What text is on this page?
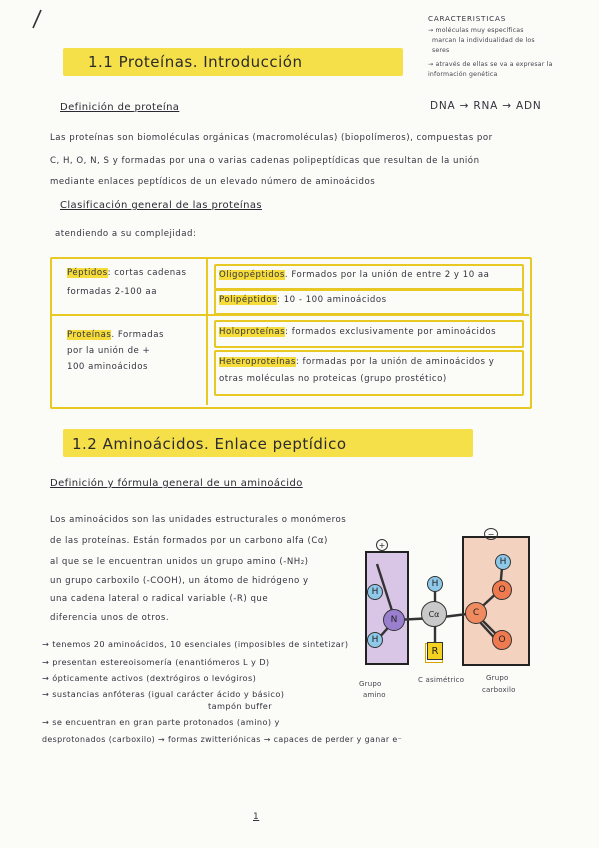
CARACTERISTICAS
→ moléculas muy específicas
marcan la individualidad de los
seres
→ através de ellas se va a expresar la información genética
DNA → RNA → ADN
1.1 Proteínas. Introducción
Definición de proteína
Las proteínas son biomoléculas orgánicas (macromoléculas) (biopolímeros), compuestas por
C, H, O, N, S y formadas por una o varias cadenas polipeptídicas que resultan de la unión
mediante enlaces peptídicos de un elevado número de aminoácidos
Clasificación general de las proteínas
atendiendo a su complejidad:
Péptidos: cortas cadenas
formadas 2-100 aa
Proteínas. Formadas
por la unión de +
100 aminoácidos
Oligopéptidos. Formados por la unión de entre 2 y 10 aa
Polipéptidos: 10 - 100 aminoácidos
Holoproteínas: formados exclusivamente por aminoácidos
Heteroproteínas: formadas por la unión de aminoácidos y
otras moléculas no proteicas (grupo prostético)
1.2 Aminoácidos. Enlace peptídico
Definición y fórmula general de un aminoácido
Los aminoácidos son las unidades estructurales o monómeros
de las proteínas. Están formados por un carbono alfa (Cα)
al que se le encuentran unidos un grupo amino (-NH₂)
un grupo carboxilo (-COOH), un átomo de hidrógeno y
una cadena lateral o radical variable (-R) que
diferencia unos de otros.
→ tenemos 20 aminoácidos, 10 esenciales (imposibles de sintetizar)
→ presentan estereoisomería (enantiómeros L y D)
→ ópticamente activos (dextrógiros o levógiros)
→ sustancias anfóteras (igual carácter ácido y básico)
tampón buffer
→ se encuentran en gran parte protonados (amino) y
desprotonados (carboxilo) → formas zwitteriónicas → capaces de perder y ganar e⁻
+
−
H
N
H
Cα
H
R
C
O
O
H
Grupo
amino
C asimétrico	Grupo
carboxilo
1
